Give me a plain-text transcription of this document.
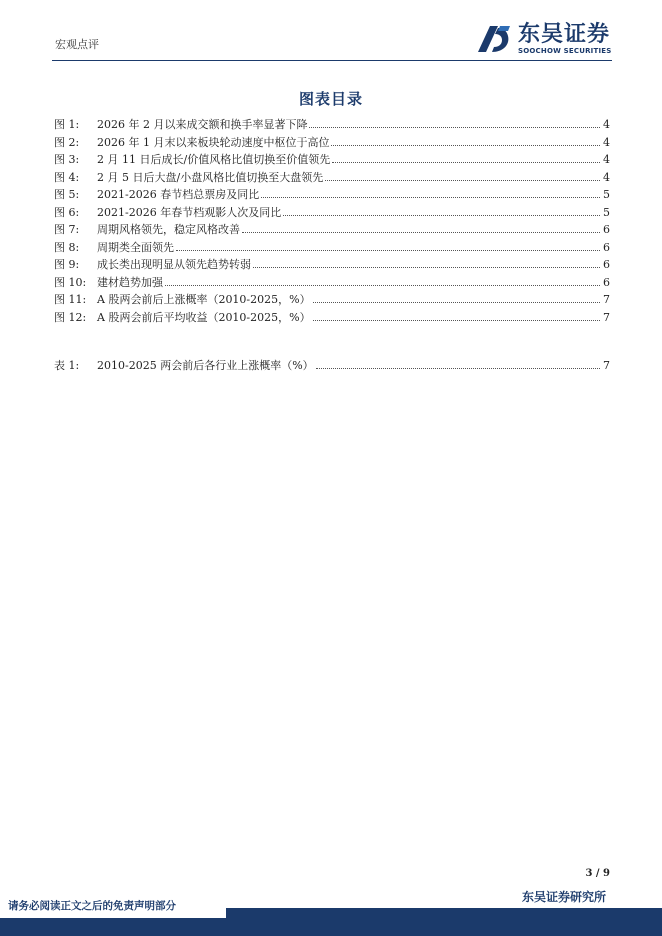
宏观点评	东吴证券
SOOCHOW SECURITIES
图表目录
图 1:	2026 年 2 月以来成交额和换手率显著下降	4
图 2:	2026 年 1 月末以来板块轮动速度中枢位于高位	4
图 3:	2 月 11 日后成长/价值风格比值切换至价值领先	4
图 4:	2 月 5 日后大盘/小盘风格比值切换至大盘领先	4
图 5:	2021-2026 春节档总票房及同比	5
图 6:	2021-2026 年春节档观影人次及同比	5
图 7:	周期风格领先，稳定风格改善	6
图 8:	周期类全面领先	6
图 9:	成长类出现明显从领先趋势转弱	6
图 10: 建材趋势加强	6
图 11: A 股两会前后上涨概率（2010-2025，%）	7
图 12: A 股两会前后平均收益（2010-2025，%）	7
表 1:	2010-2025 两会前后各行业上涨概率（%）	7
3 / 9
请务必阅读正文之后的免责声明部分
东吴证券研究所
